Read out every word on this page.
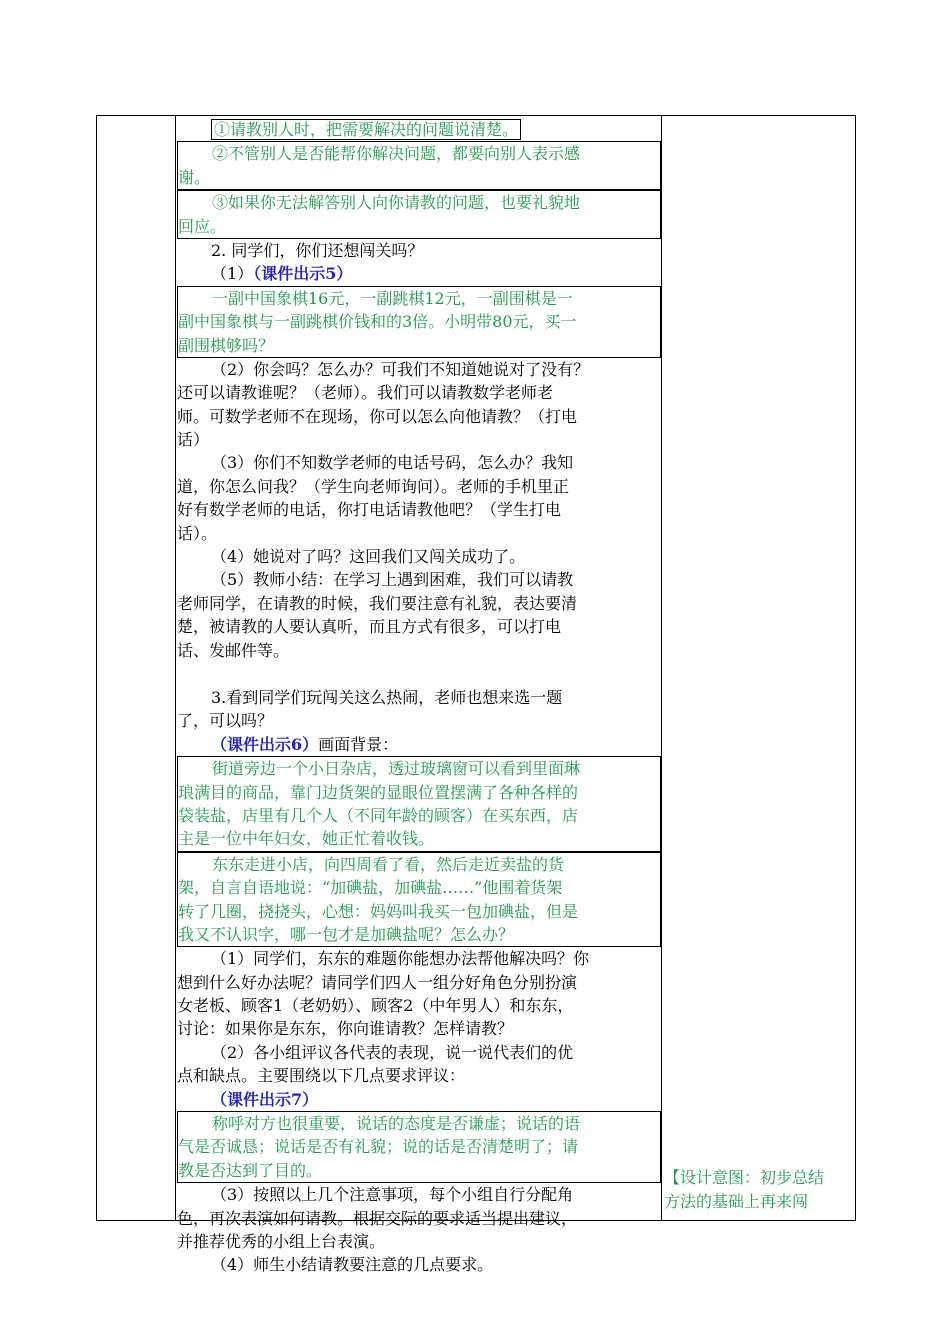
①请教别人时，把需要解决的问题说清楚。
②不管别人是否能帮你解决问题，都要向别人表示感
谢。
③如果你无法解答别人向你请教的问题，也要礼貌地
回应。
2. 同学们，你们还想闯关吗？
（1）（课件出示5）
一副中国象棋16元，一副跳棋12元，一副围棋是一
副中国象棋与一副跳棋价钱和的3倍。小明带80元，买一
副围棋够吗？
（2）你会吗？怎么办？可我们不知道她说对了没有？
还可以请教谁呢？（老师）。我们可以请教数学老师老
师。可数学老师不在现场，你可以怎么向他请教？（打电
话）
（3）你们不知数学老师的电话号码，怎么办？我知
道，你怎么问我？（学生向老师询问）。老师的手机里正
好有数学老师的电话，你打电话请教他吧？（学生打电
话）。
（4）她说对了吗？这回我们又闯关成功了。
（5）教师小结：在学习上遇到困难，我们可以请教
老师同学，在请教的时候，我们要注意有礼貌，表达要清
楚，被请教的人要认真听，而且方式有很多，可以打电
话、发邮件等。
3.看到同学们玩闯关这么热闹，老师也想来选一题
了，可以吗？
（课件出示6）画面背景：
街道旁边一个小日杂店，透过玻璃窗可以看到里面琳
琅满目的商品，靠门边货架的显眼位置摆满了各种各样的
袋装盐，店里有几个人（不同年龄的顾客）在买东西，店
主是一位中年妇女，她正忙着收钱。
东东走进小店，向四周看了看，然后走近卖盐的货
架，自言自语地说：“加碘盐，加碘盐……”他围着货架
转了几圈，挠挠头，心想：妈妈叫我买一包加碘盐，但是
我又不认识字，哪一包才是加碘盐呢？怎么办？
（1）同学们，东东的难题你能想办法帮他解决吗？你
想到什么好办法呢？请同学们四人一组分好角色分别扮演
女老板、顾客1（老奶奶）、顾客2（中年男人）和东东，
讨论：如果你是东东，你向谁请教？怎样请教？
（2）各小组评议各代表的表现，说一说代表们的优
点和缺点。主要围绕以下几点要求评议：
（课件出示7）
称呼对方也很重要，说话的态度是否谦虚；说话的语
气是否诚恳；说话是否有礼貌；说的话是否清楚明了；请
教是否达到了目的。
（3）按照以上几个注意事项，每个小组自行分配角
色，再次表演如何请教。根据交际的要求适当提出建议，
并推荐优秀的小组上台表演。
（4）师生小结请教要注意的几点要求。
【设计意图：初步总结
方法的基础上再来闯
